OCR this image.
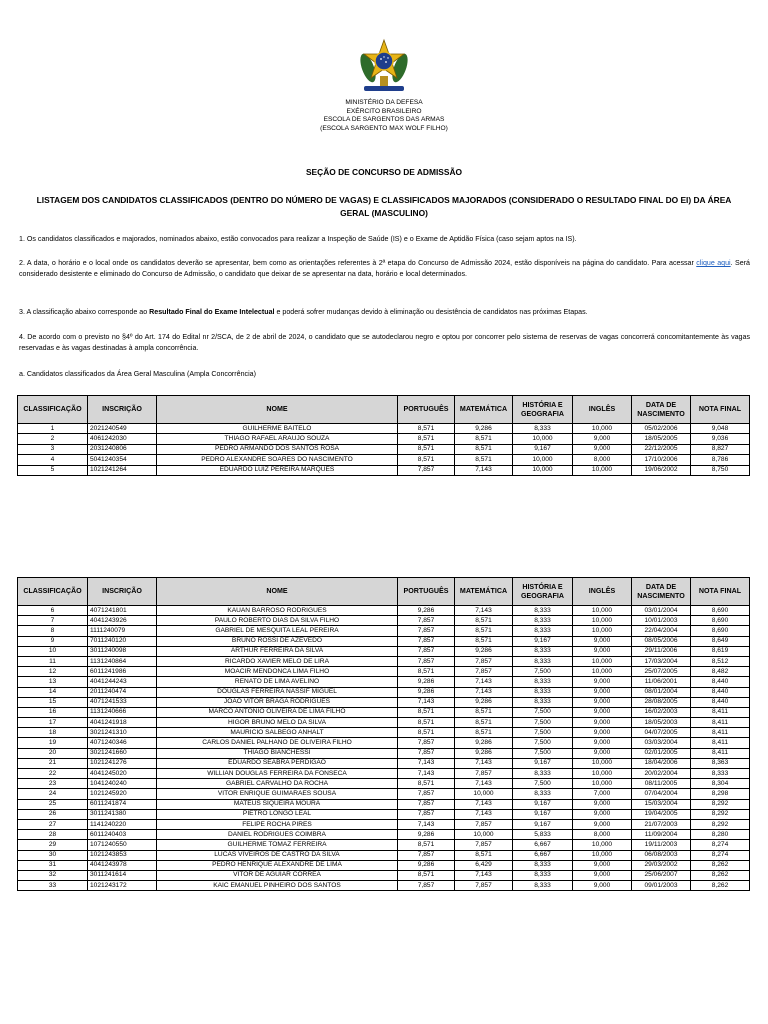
MINISTÉRIO DA DEFESA
EXÉRCITO BRASILEIRO
ESCOLA DE SARGENTOS DAS ARMAS
(ESCOLA SARGENTO MAX WOLF FILHO)
SEÇÃO DE CONCURSO DE ADMISSÃO
LISTAGEM DOS CANDIDATOS CLASSIFICADOS (DENTRO DO NÚMERO DE VAGAS) E CLASSIFICADOS MAJORADOS (CONSIDERADO O RESULTADO FINAL DO EI) DA ÁREA GERAL (MASCULINO)
1. Os candidatos classificados e majorados, nominados abaixo, estão convocados para realizar a Inspeção de Saúde (IS) e o Exame de Aptidão Física (caso sejam aptos na IS).
2. A data, o horário e o local onde os candidatos deverão se apresentar, bem como as orientações referentes à 2ª etapa do Concurso de Admissão 2024, estão disponíveis na página do candidato. Para acessar clique aqui. Será considerado desistente e eliminado do Concurso de Admissão, o candidato que deixar de se apresentar na data, horário e local determinados.
3. A classificação abaixo corresponde ao Resultado Final do Exame Intelectual e poderá sofrer mudanças devido à eliminação ou desistência de candidatos nas próximas Etapas.
4. De acordo com o previsto no §4º do Art. 174 do Edital nr 2/SCA, de 2 de abril de 2024, o candidato que se autodeclarou negro e optou por concorrer pelo sistema de reservas de vagas concorrerá concomitantemente às vagas reservadas e às vagas destinadas à ampla concorrência.
a. Candidatos classificados da Área Geral Masculina (Ampla Concorrência)
CLASSIFICAÇÃO	INSCRIÇÃO	NOME	PORTUGUÊS	MATEMÁTICA	HISTÓRIA E GEOGRAFIA	INGLÊS	DATA DE NASCIMENTO	NOTA FINAL
1	2021240549	GUILHERME BAITELO	8,571	9,286	8,333	10,000	05/02/2006	9,048
2	4061242030	THIAGO RAFAEL ARAUJO SOUZA	8,571	8,571	10,000	9,000	18/05/2005	9,036
3	2031240806	PEDRO ARMANDO DOS SANTOS ROSA	8,571	8,571	9,167	9,000	22/12/2005	8,827
4	5041240354	PEDRO ALEXANDRE SOARES DO NASCIMENTO	8,571	8,571	10,000	8,000	17/10/2006	8,786
5	1021241264	EDUARDO LUIZ PEREIRA MARQUES	7,857	7,143	10,000	10,000	19/06/2002	8,750
CLASSIFICAÇÃO	INSCRIÇÃO	NOME	PORTUGUÊS	MATEMÁTICA	HISTÓRIA E GEOGRAFIA	INGLÊS	DATA DE NASCIMENTO	NOTA FINAL
6	4071241801	KAUAN BARROSO RODRIGUES	9,286	7,143	8,333	10,000	03/01/2004	8,690
7	4041243926	PAULO ROBERTO DIAS DA SILVA FILHO	7,857	8,571	8,333	10,000	10/01/2003	8,690
8	1111240079	GABRIEL DE MESQUITA LEAL PEREIRA	7,857	8,571	8,333	10,000	22/04/2004	8,690
9	7011240120	BRUNO ROSSI DE AZEVEDO	7,857	8,571	9,167	9,000	08/05/2006	8,649
10	3011240098	ARTHUR FERREIRA DA SILVA	7,857	9,286	8,333	9,000	29/11/2006	8,619
11	1131240864	RICARDO XAVIER MELO DE LIRA	7,857	7,857	8,333	10,000	17/03/2004	8,512
12	6011241986	MOACIR MENDONCA LIMA FILHO	8,571	7,857	7,500	10,000	25/07/2005	8,482
13	4041244243	RENATO DE LIMA AVELINO	9,286	7,143	8,333	9,000	11/06/2001	8,440
14	2011240474	DOUGLAS FERREIRA NASSIF MIGUEL	9,286	7,143	8,333	9,000	08/01/2004	8,440
15	4071241533	JOAO VITOR BRAGA RODRIGUES	7,143	9,286	8,333	9,000	28/08/2005	8,440
16	1131240666	MARCO ANTONIO OLIVEIRA DE LIMA FILHO	8,571	8,571	7,500	9,000	16/02/2003	8,411
17	4041241918	HIGOR BRUNO MELO DA SILVA	8,571	8,571	7,500	9,000	18/05/2003	8,411
18	3021241310	MAURICIO SALBEGO ANHALT	8,571	8,571	7,500	9,000	04/07/2005	8,411
19	4071240346	CARLOS DANIEL PALHANO DE OLIVEIRA FILHO	7,857	9,286	7,500	9,000	03/03/2004	8,411
20	3021241660	THIAGO BIANCHESSI	7,857	9,286	7,500	9,000	02/01/2005	8,411
21	1021241276	EDUARDO SEABRA PERDIGAO	7,143	7,143	9,167	10,000	18/04/2006	8,363
22	4041245020	WILLIAN DOUGLAS FERREIRA DA FONSECA	7,143	7,857	8,333	10,000	20/02/2004	8,333
23	1041240240	GABRIEL CARVALHO DA ROCHA	8,571	7,143	7,500	10,000	08/11/2005	8,304
24	1021245920	VITOR ENRIQUE GUIMARAES SOUSA	7,857	10,000	8,333	7,000	07/04/2004	8,298
25	6011241874	MATEUS SIQUEIRA MOURA	7,857	7,143	9,167	9,000	15/03/2004	8,292
26	3011241380	PIETRO LONGO LEAL	7,857	7,143	9,167	9,000	19/04/2005	8,292
27	1141240220	FELIPE ROCHA PIRES	7,143	7,857	9,167	9,000	21/07/2003	8,292
28	6011240403	DANIEL RODRIGUES COIMBRA	9,286	10,000	5,833	8,000	11/09/2004	8,280
29	1071240550	GUILHERME TOMAZ FERREIRA	8,571	7,857	6,667	10,000	19/11/2003	8,274
30	1021243853	LUCAS VIVEIROS DE CASTRO DA SILVA	7,857	8,571	6,667	10,000	06/08/2003	8,274
31	4041243978	PEDRO HENRIQUE ALEXANDRE DE LIMA	9,286	6,429	8,333	9,000	29/03/2002	8,262
32	3011241614	VITOR DE AGUIAR CORREA	8,571	7,143	8,333	9,000	25/06/2007	8,262
33	1021243172	KAIC EMANUEL PINHEIRO DOS SANTOS	7,857	7,857	8,333	9,000	09/01/2003	8,262
